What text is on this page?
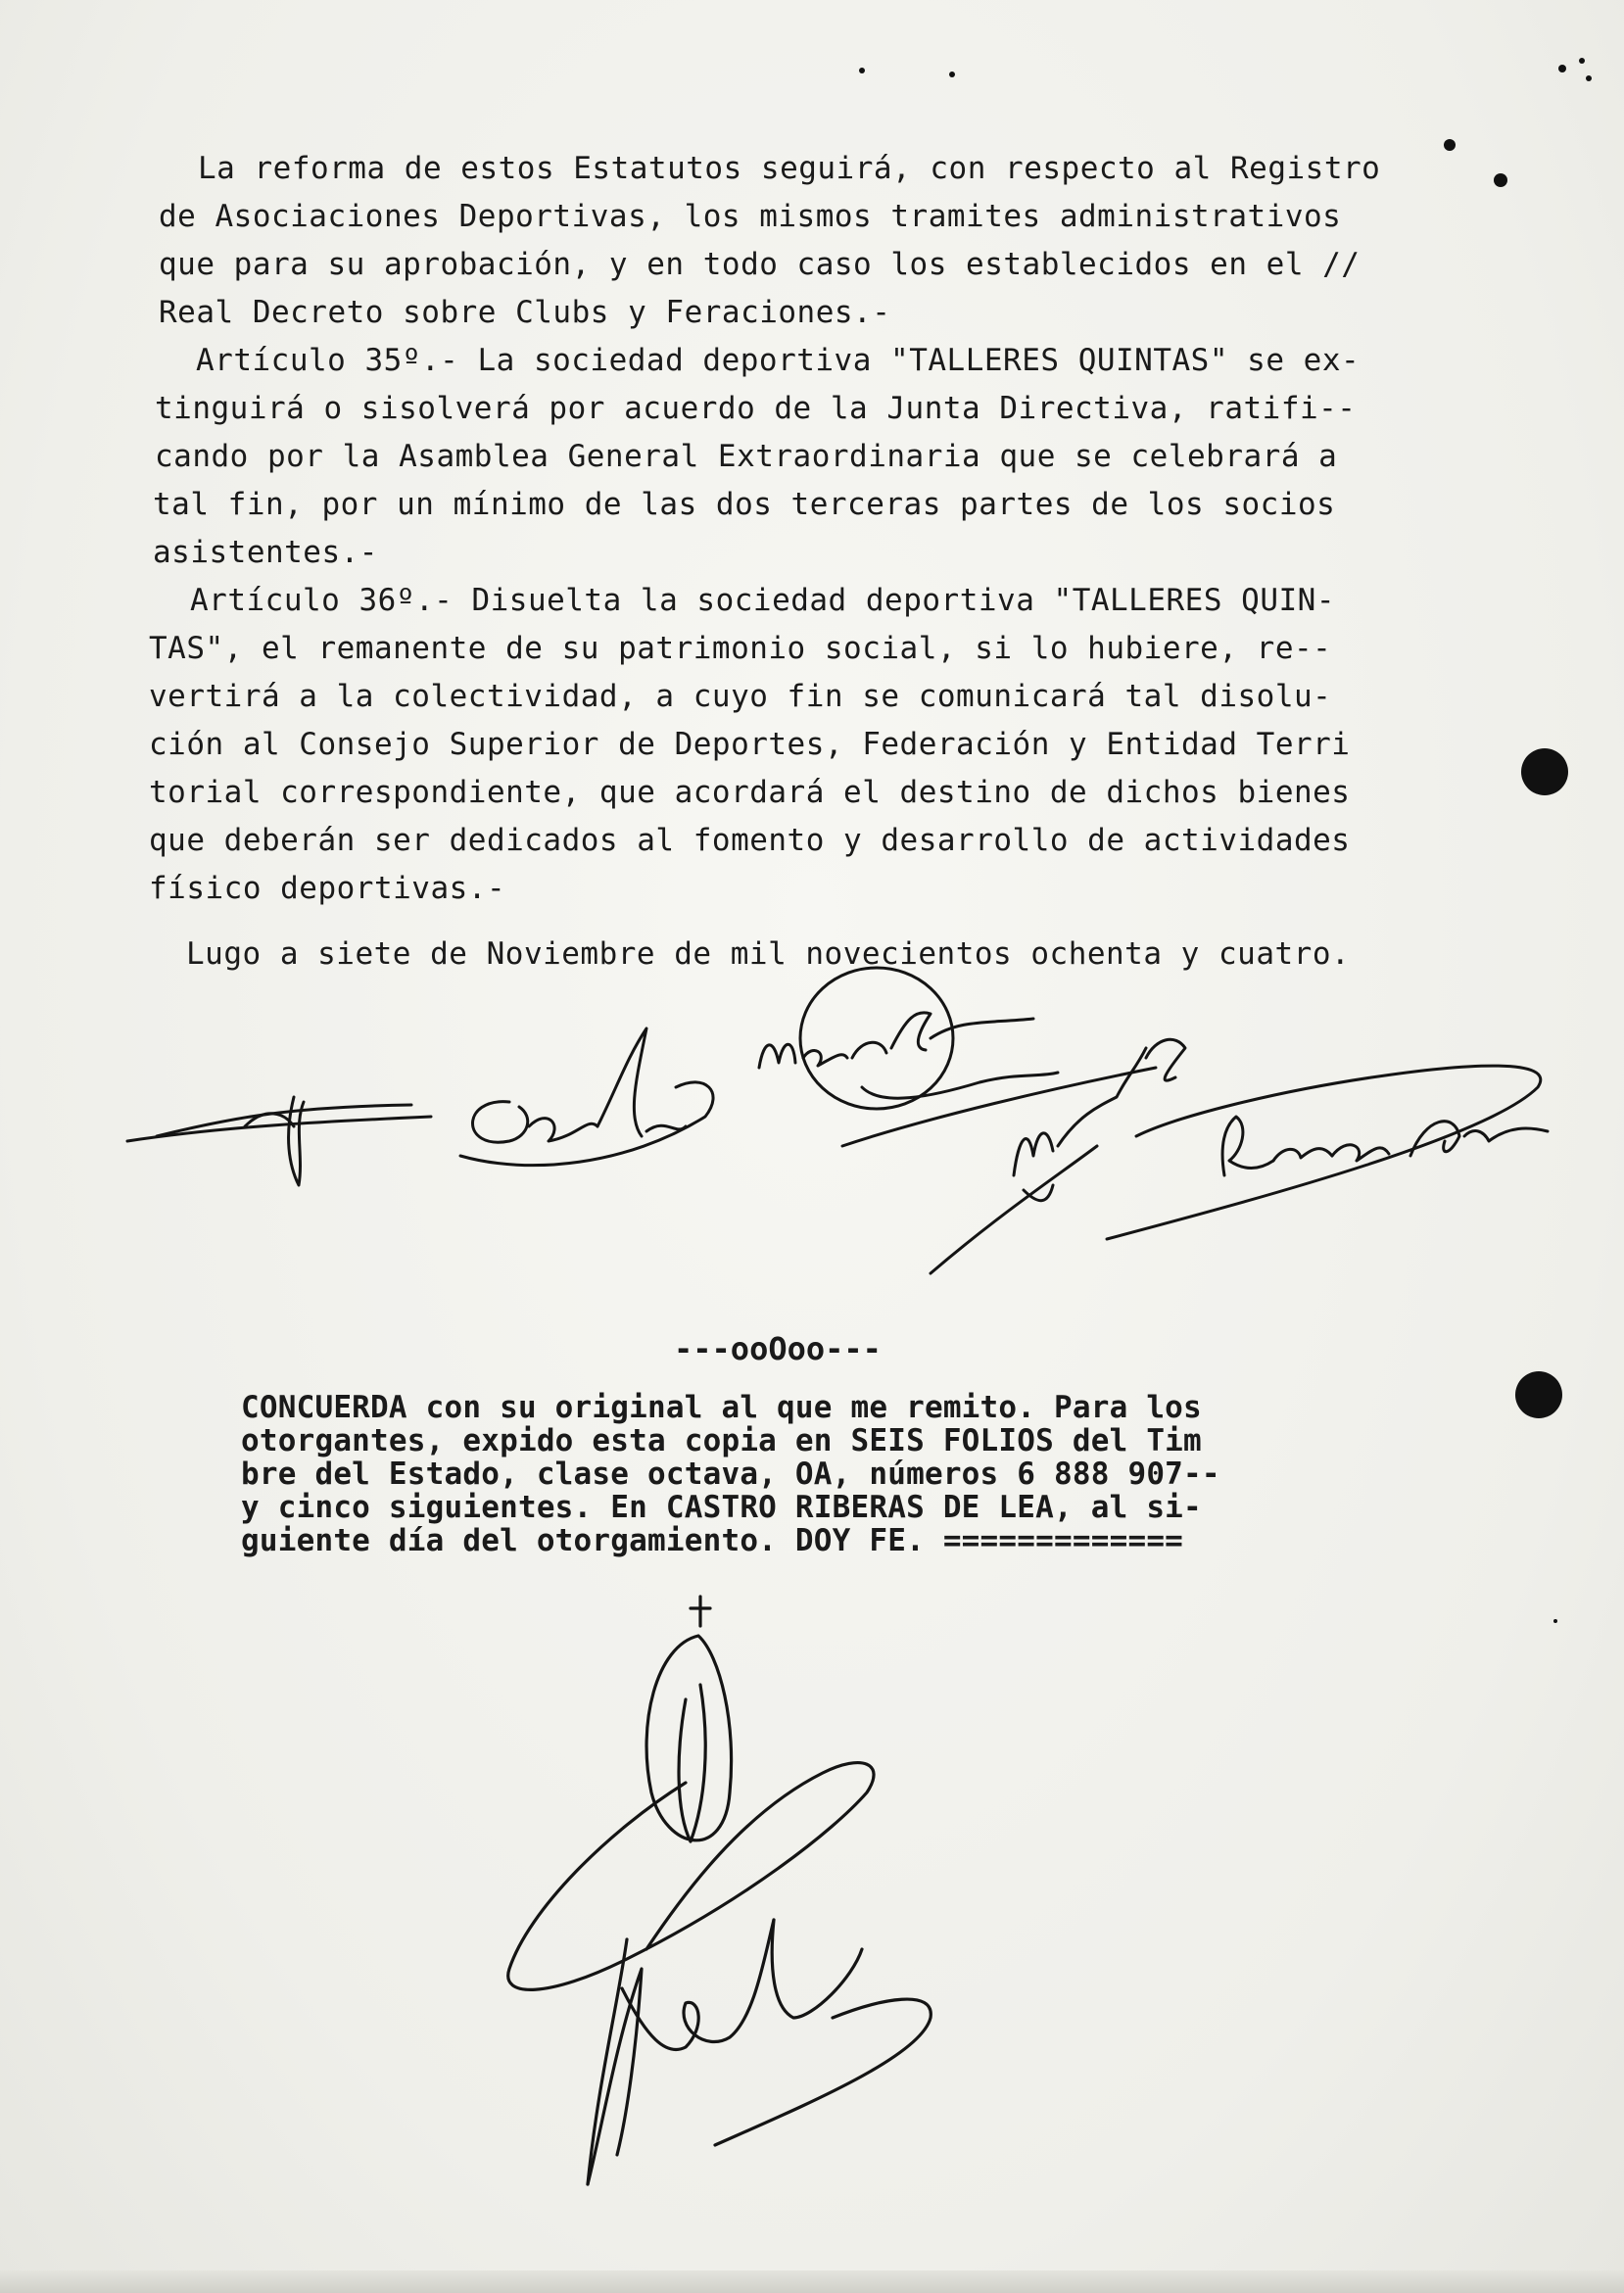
La reforma de estos Estatutos seguirá, con respecto al Registro
de Asociaciones Deportivas, los mismos tramites administrativos
que para su aprobación, y en todo caso los establecidos en el //
Real Decreto sobre Clubs y Feraciones.-
Artículo 35º.- La sociedad deportiva "TALLERES QUINTAS" se ex-
tinguirá o sisolverá por acuerdo de la Junta Directiva, ratifi--
cando por la Asamblea General Extraordinaria que se celebrará a
tal fin, por un mínimo de las dos terceras partes de los socios
asistentes.-
Artículo 36º.- Disuelta la sociedad deportiva "TALLERES QUIN-
TAS", el remanente de su patrimonio social, si lo hubiere, re--
vertirá a la colectividad, a cuyo fin se comunicará tal disolu-
ción al Consejo Superior de Deportes, Federación y Entidad Terri
torial correspondiente, que acordará el destino de dichos bienes
que deberán ser dedicados al fomento y desarrollo de actividades
físico deportivas.-
Lugo a siete de Noviembre de mil novecientos ochenta y cuatro.
---ooOoo---
CONCUERDA con su original al que me remito. Para los
otorgantes, expido esta copia en SEIS FOLIOS del Tim
bre del Estado, clase octava, OA, números 6 888 907--
y cinco siguientes. En CASTRO RIBERAS DE LEA, al si-
guiente día del otorgamiento. DOY FE. =============
